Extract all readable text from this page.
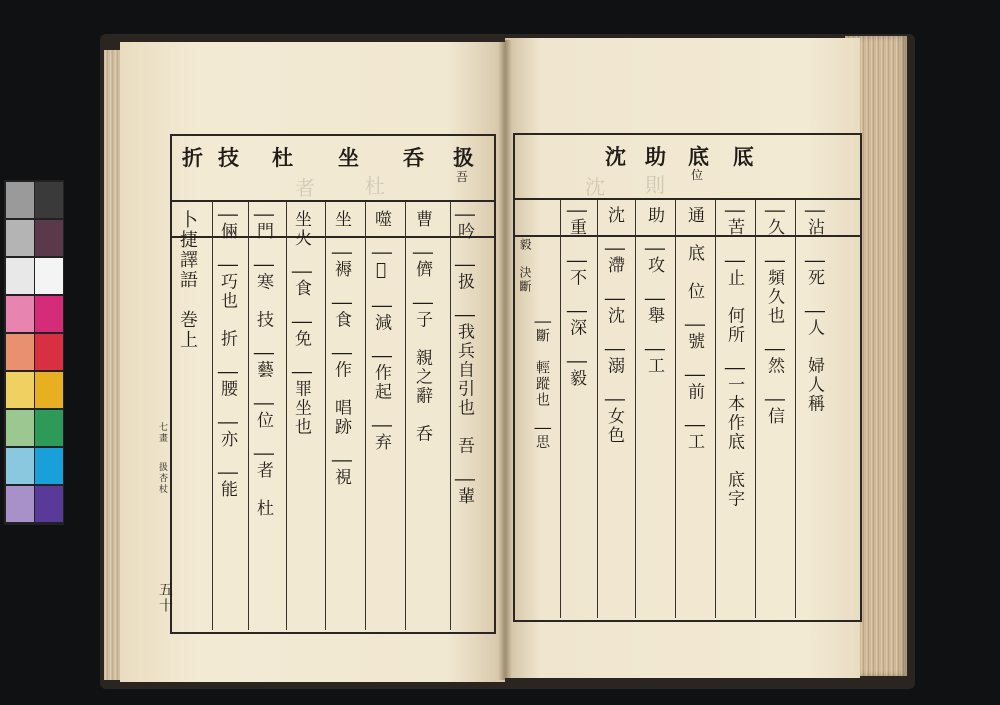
折 技 杜 坐 呑 扱
吾
者	杜
│吟　│扱　│我兵自引也　吾　│輩
曹　│儕　│子　親之辭　呑
噬　│𢙣　│減　│作起　│弃
坐　│褥　│食　│作　唱跡　│視
坐火　│食　│免　│罪坐也
│門　│寒　技　│藝　│位　│者　杜
│倆　│巧也　折　│腰　│亦　│能
卜捷譯語　巻上
七畫
扱杏杖
五十
沈 助 底 厎
位
沈 則
│沾　│死　│人　婦人稱
│久　│頻久也　│然　│信
│苦　│止　何所　│一本作底　底字
通　底　位　│號　│前　│工
助　│攻　│舉　│工
沈　│滯　│沈　│溺　│女色
│重　│不　│深　│毅
│斷　輕蹤也　│思
毅　決斷
